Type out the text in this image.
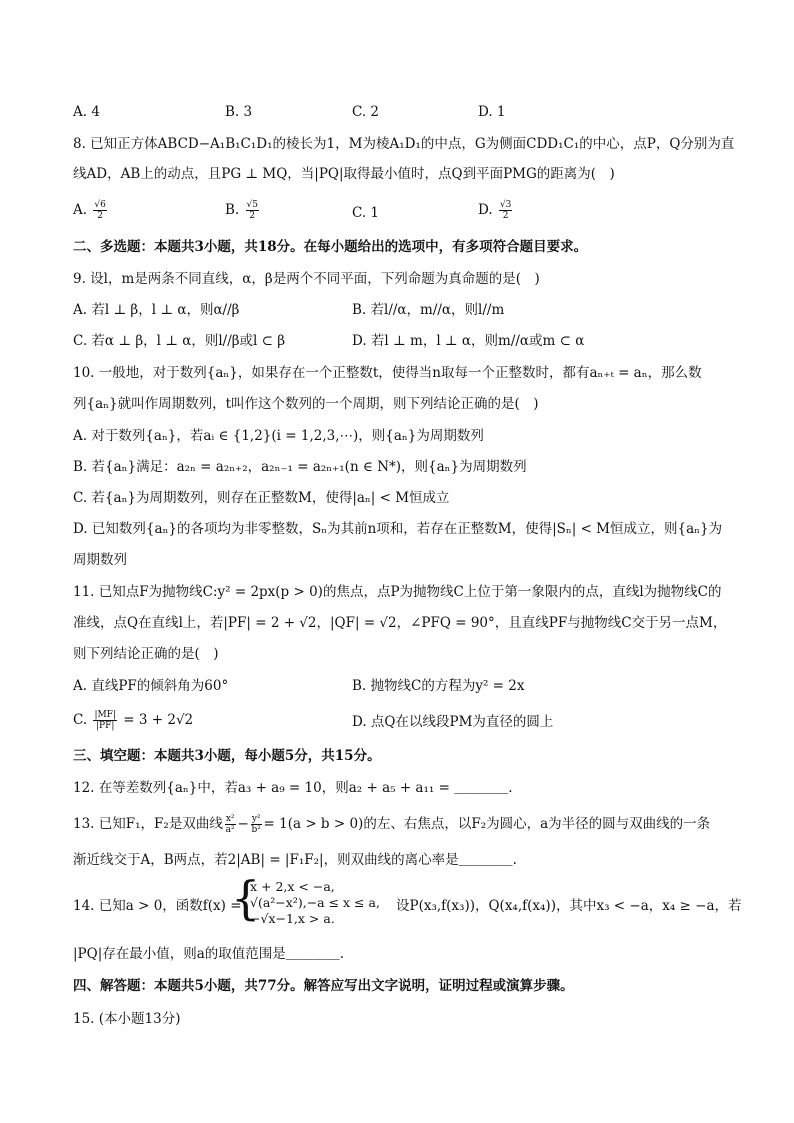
A. 4	B. 3	C. 2	D. 1
8. 已知正方体ABCD−A₁B₁C₁D₁的棱长为1，M为棱A₁D₁的中点，G为侧面CDD₁C₁的中心，点P，Q分别为直
线AD，AB上的动点，且PG ⊥ MQ，当|PQ|取得最小值时，点Q到平面PMG的距离为(　)
A. $\frac{√6}{2}$	B. $\frac{√5}{2}$	C. 1	D. $\frac{√3}{2}$
二、多选题：本题共3小题，共18分。在每小题给出的选项中，有多项符合题目要求。
9. 设l，m是两条不同直线，α，β是两个不同平面，下列命题为真命题的是(　)
A. 若l ⊥ β，l ⊥ α，则α//β	B. 若l//α，m//α，则l//m
C. 若α ⊥ β，l ⊥ α，则l//β或l ⊂ β	D. 若l ⊥ m，l ⊥ α，则m//α或m ⊂ α
10. 一般地，对于数列{aₙ}，如果存在一个正整数t，使得当n取每一个正整数时，都有aₙ₊ₜ = aₙ，那么数
列{aₙ}就叫作周期数列，t叫作这个数列的一个周期，则下列结论正确的是(　)
A. 对于数列{aₙ}，若aᵢ ∈ {1,2}(i = 1,2,3,⋯)，则{aₙ}为周期数列
B. 若{aₙ}满足：a₂ₙ = a₂ₙ₊₂，a₂ₙ₋₁ = a₂ₙ₊₁(n ∈ N*)，则{aₙ}为周期数列
C. 若{aₙ}为周期数列，则存在正整数M，使得|aₙ| < M恒成立
D. 已知数列{aₙ}的各项均为非零整数，Sₙ为其前n项和，若存在正整数M，使得|Sₙ| < M恒成立，则{aₙ}为
周期数列
11. 已知点F为抛物线C:y² = 2px(p > 0)的焦点，点P为抛物线C上位于第一象限内的点，直线l为抛物线C的
准线，点Q在直线l上，若|PF| = 2 + √2，|QF| = √2，∠PFQ = 90°，且直线PF与抛物线C交于另一点M，
则下列结论正确的是(　)
A. 直线PF的倾斜角为60°	B. 抛物线C的方程为y² = 2x
C. $\frac{|MF|}{|PF|} = 3 + 2√2$	D. 点Q在以线段PM为直径的圆上
三、填空题：本题共3小题，每小题5分，共15分。
12. 在等差数列{aₙ}中，若a₃ + a₉ = 10，则a₂ + a₅ + a₁₁ = ＿＿＿＿.
13. 已知F₁，F₂是双曲线 $\frac{\text{x²}}{\text{a²}} - \frac{\text{y²}}{\text{b²}} = 1(a > b > 0)$的左、右焦点，以F₂为圆心，a为半径的圆与双曲线的一条
渐近线交于A，B两点，若2|AB| = |F₁F₂|，则双曲线的离心率是＿＿＿＿.
14. 已知a > 0，函数f(x) =
{
x + 2,x < −a,
√(a²−x²),−a ≤ x ≤ a,
−√x−1,x > a.
设P(x₃,f(x₃))，Q(x₄,f(x₄))，其中x₃ < −a，x₄ ≥ −a，若
|PQ|存在最小值，则a的取值范围是＿＿＿＿.
四、解答题：本题共5小题，共77分。解答应写出文字说明，证明过程或演算步骤。
15. (本小题13分)
